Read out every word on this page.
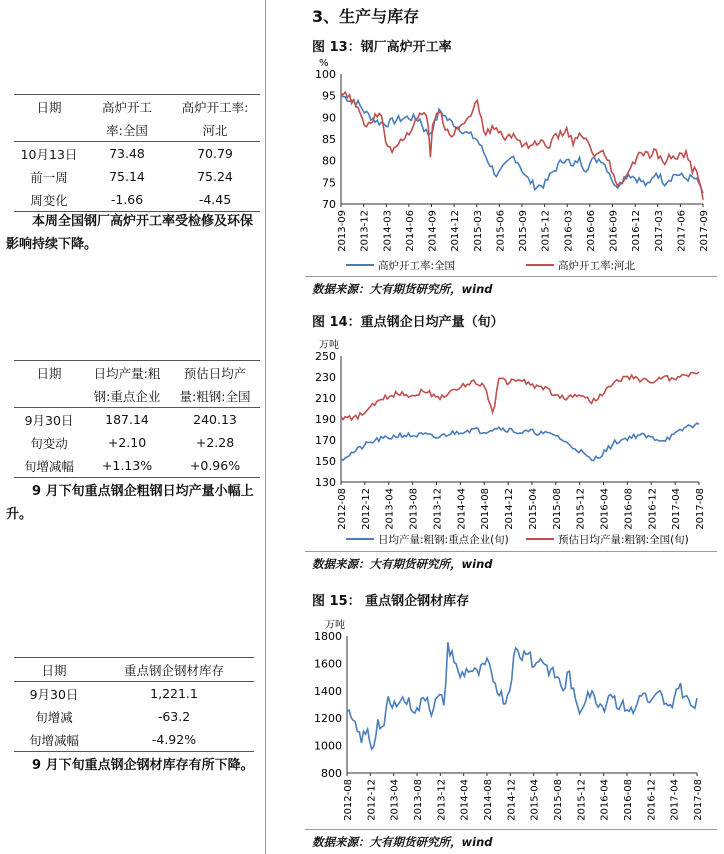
日期	高炉开工	高炉开工率:
	率:全国	河北
10月13日	73.48	70.79
前一周	75.14	75.24
周变化	-1.66	-4.45
本周全国钢厂高炉开工率受检修及环保影响持续下降。
日期	日均产量:粗	预估日均产
	钢:重点企业	量:粗钢:全国
9月30日	187.14	240.13
旬变动	+2.10	+2.28
旬增减幅	+1.13%	+0.96%
9 月下旬重点钢企粗钢日均产量小幅上升。
日期	重点钢企钢材库存
9月30日	1,221.1
旬增减	-63.2
旬增减幅	-4.92%
9 月下旬重点钢企钢材库存有所下降。
3、生产与库存
图 13：钢厂高炉开工率
%
70
75
80
85
90
95
100
2013-09 2013-12 2014-03 2014-06 2014-09 2014-12 2015-03 2015-06 2015-09 2015-12 2016-03 2016-06 2016-09 2016-12 2017-03 2017-06 2017-09
高炉开工率:全国	高炉开工率:河北
数据来源：大有期货研究所，wind
图 14：重点钢企日均产量（旬）
万吨
130
150
170
190
210
230
250
2012-08 2012-12 2013-04 2013-08 2013-12 2014-04 2014-08 2014-12 2015-04 2015-08 2015-12 2016-04 2016-08 2016-12 2017-04 2017-08
日均产量:粗钢:重点企业(旬)	预估日均产量:粗钢:全国(旬)
数据来源：大有期货研究所，wind
图 15： 重点钢企钢材库存
万吨
800
1000
1200
1400
1600
1800
2012-08 2012-12 2013-04 2013-08 2013-12 2014-04 2014-08 2014-12 2015-04 2015-08 2015-12 2016-04 2016-08 2016-12 2017-04 2017-08
数据来源：大有期货研究所，wind
